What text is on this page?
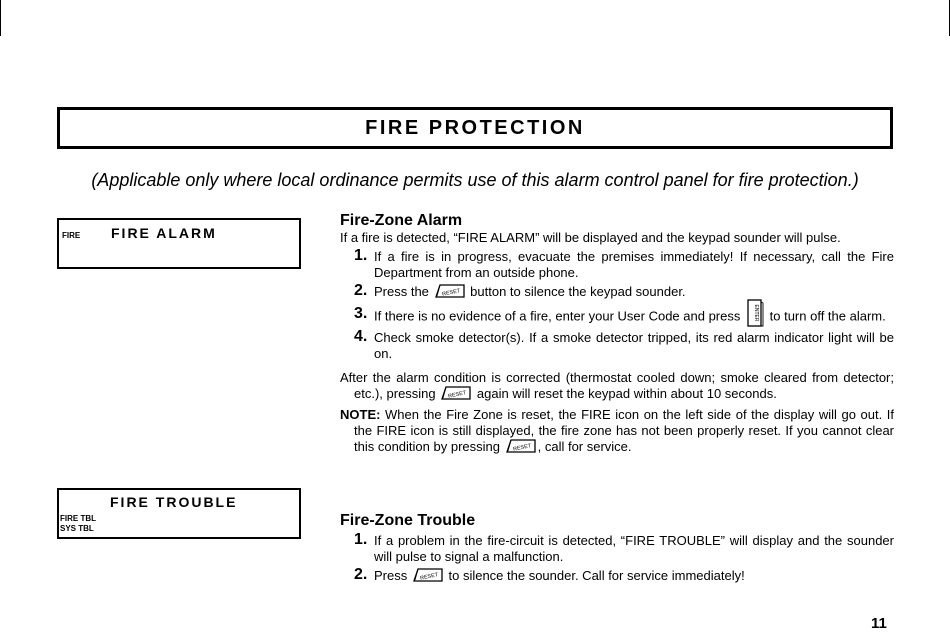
FIRE PROTECTION
(Applicable only where local ordinance permits use of this alarm control panel for fire protection.)
FIRE FIRE ALARM
FIRE TROUBLE
FIRE TBL
SYS TBL

Fire-Zone Alarm

If a fire is detected, “FIRE ALARM” will be displayed and the keypad sounder will pulse.

1. If a fire is in progress, evacuate the premises immediately! If necessary, call the Fire Department from an outside phone.
2. Press the RESET button to silence the keypad sounder.
3. If there is no evidence of a fire, enter your User Code and press	ENTER to turn off the alarm.
4. Check smoke detector(s). If a smoke detector tripped, its red alarm indicator light will be on.

After the alarm condition is corrected (thermostat cooled down; smoke cleared from detector; etc.), pressing RESET again will reset the keypad within about 10 seconds.

NOTE: When the Fire Zone is reset, the FIRE icon on the left side of the display will go out. If the FIRE icon is still displayed, the fire zone has not been properly reset. If you cannot clear this condition by pressing RESET , call for service.

Fire-Zone Trouble

1. If a problem in the fire-circuit is detected, “FIRE TROUBLE” will display and the sounder will pulse to signal a malfunction.
2. Press RESET to silence the sounder. Call for service immediately!
11
